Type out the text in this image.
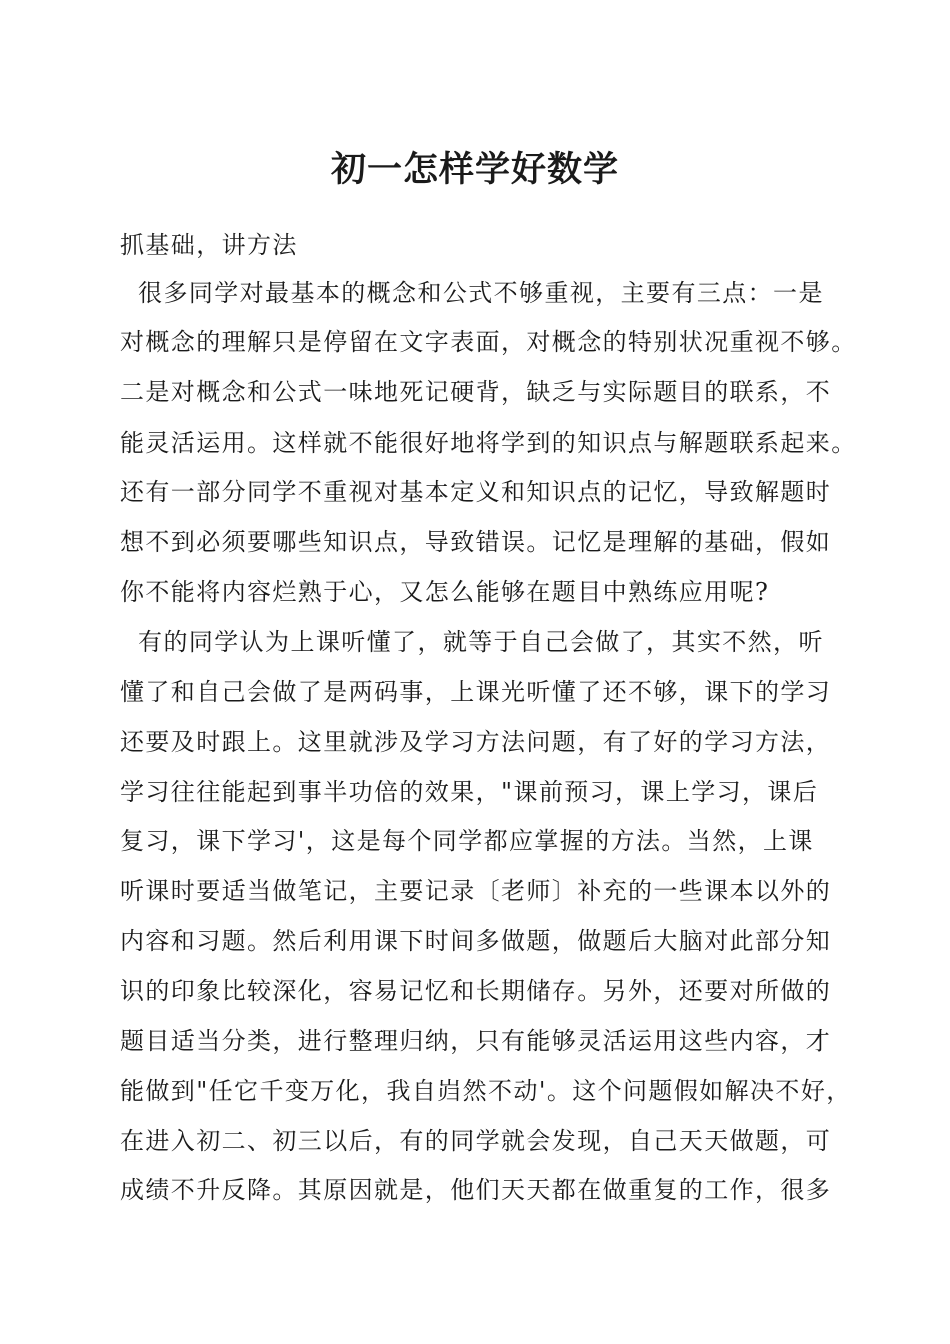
初一怎样学好数学
抓基础，讲方法
很多同学对最基本的概念和公式不够重视，主要有三点：一是
对概念的理解只是停留在文字表面，对概念的特别状况重视不够。
二是对概念和公式一味地死记硬背，缺乏与实际题目的联系，不
能灵活运用。这样就不能很好地将学到的知识点与解题联系起来。
还有一部分同学不重视对基本定义和知识点的记忆，导致解题时
想不到必须要哪些知识点，导致错误。记忆是理解的基础，假如
你不能将内容烂熟于心，又怎么能够在题目中熟练应用呢?
有的同学认为上课听懂了，就等于自己会做了，其实不然，听
懂了和自己会做了是两码事，上课光听懂了还不够，课下的学习
还要及时跟上。这里就涉及学习方法问题，有了好的学习方法，
学习往往能起到事半功倍的效果，"课前预习，课上学习，课后
复习，课下学习'，这是每个同学都应掌握的方法。当然，上课
听课时要适当做笔记，主要记录〔老师〕补充的一些课本以外的
内容和习题。然后利用课下时间多做题，做题后大脑对此部分知
识的印象比较深化，容易记忆和长期储存。另外，还要对所做的
题目适当分类，进行整理归纳，只有能够灵活运用这些内容，才
能做到"任它千变万化，我自岿然不动'。这个问题假如解决不好，
在进入初二、初三以后，有的同学就会发现，自己天天做题，可
成绩不升反降。其原因就是，他们天天都在做重复的工作，很多
